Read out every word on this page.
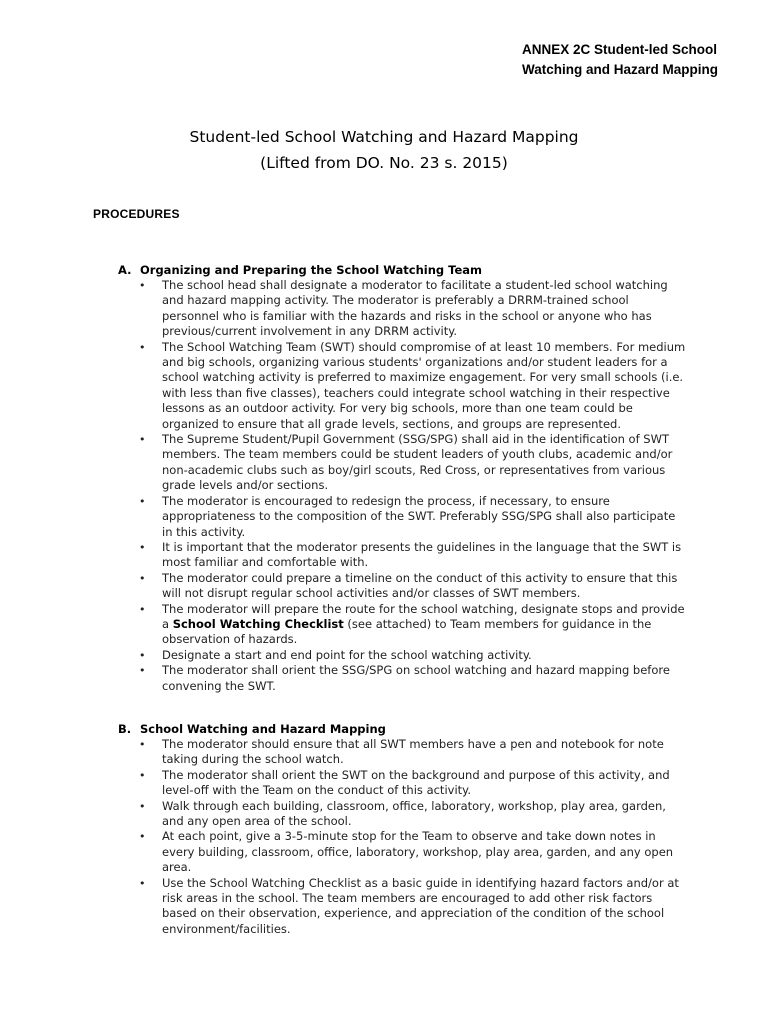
ANNEX 2C Student-led School
Watching and Hazard Mapping
Student-led School Watching and Hazard Mapping
(Lifted from DO. No. 23 s. 2015)
PROCEDURES
A. Organizing and Preparing the School Watching Team
• The school head shall designate a moderator to facilitate a student-led school watching and hazard mapping activity. The moderator is preferably a DRRM-trained school personnel who is familiar with the hazards and risks in the school or anyone who has previous/current involvement in any DRRM activity.
• The School Watching Team (SWT) should compromise of at least 10 members. For medium and big schools, organizing various students' organizations and/or student leaders for a school watching activity is preferred to maximize engagement. For very small schools (i.e. with less than five classes), teachers could integrate school watching in their respective lessons as an outdoor activity. For very big schools, more than one team could be organized to ensure that all grade levels, sections, and groups are represented.
• The Supreme Student/Pupil Government (SSG/SPG) shall aid in the identification of SWT members. The team members could be student leaders of youth clubs, academic and/or non-academic clubs such as boy/girl scouts, Red Cross, or representatives from various grade levels and/or sections.
• The moderator is encouraged to redesign the process, if necessary, to ensure appropriateness to the composition of the SWT. Preferably SSG/SPG shall also participate in this activity.
• It is important that the moderator presents the guidelines in the language that the SWT is most familiar and comfortable with.
• The moderator could prepare a timeline on the conduct of this activity to ensure that this will not disrupt regular school activities and/or classes of SWT members.
• The moderator will prepare the route for the school watching, designate stops and provide a School Watching Checklist (see attached) to Team members for guidance in the observation of hazards.
• Designate a start and end point for the school watching activity.
• The moderator shall orient the SSG/SPG on school watching and hazard mapping before convening the SWT.
B. School Watching and Hazard Mapping
• The moderator should ensure that all SWT members have a pen and notebook for note taking during the school watch.
• The moderator shall orient the SWT on the background and purpose of this activity, and level-off with the Team on the conduct of this activity.
• Walk through each building, classroom, office, laboratory, workshop, play area, garden, and any open area of the school.
• At each point, give a 3-5-minute stop for the Team to observe and take down notes in every building, classroom, office, laboratory, workshop, play area, garden, and any open area.
• Use the School Watching Checklist as a basic guide in identifying hazard factors and/or at risk areas in the school. The team members are encouraged to add other risk factors based on their observation, experience, and appreciation of the condition of the school environment/facilities.
